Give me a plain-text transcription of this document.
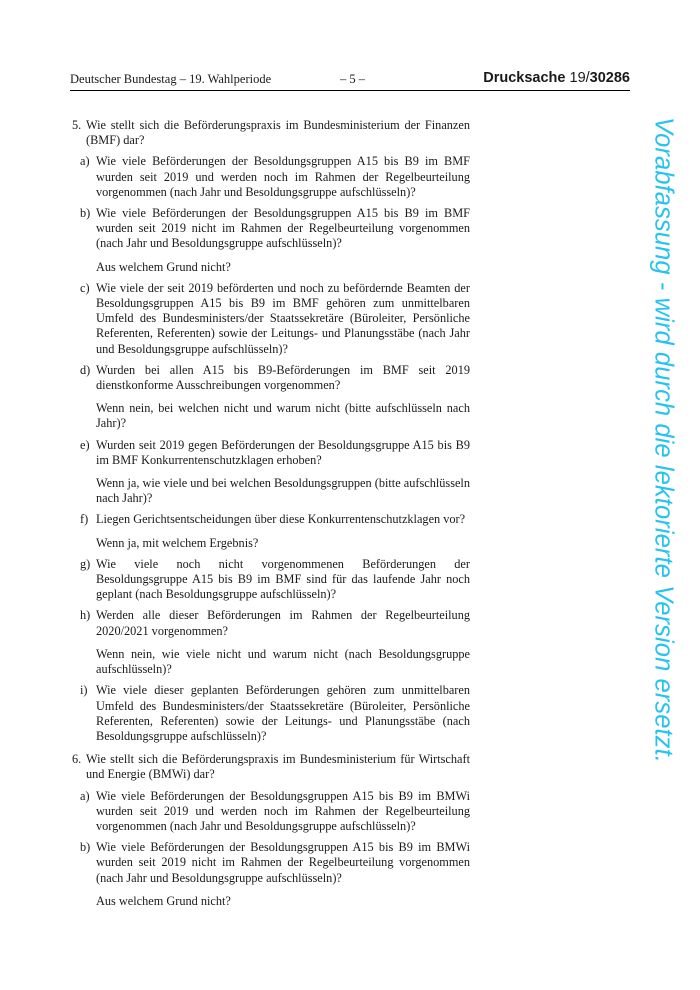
Deutscher Bundestag – 19. Wahlperiode	– 5 –	Drucksache 19/30286
5. Wie stellt sich die Beförderungspraxis im Bundesministerium der Finanzen (BMF) dar?
a) Wie viele Beförderungen der Besoldungsgruppen A15 bis B9 im BMF wurden seit 2019 und werden noch im Rahmen der Regelbeurteilung vorgenommen (nach Jahr und Besoldungsgruppe aufschlüsseln)?
b) Wie viele Beförderungen der Besoldungsgruppen A15 bis B9 im BMF wurden seit 2019 nicht im Rahmen der Regelbeurteilung vorgenommen (nach Jahr und Besoldungsgruppe aufschlüsseln)?
Aus welchem Grund nicht?
c) Wie viele der seit 2019 beförderten und noch zu befördernde Beamten der Besoldungsgruppen A15 bis B9 im BMF gehören zum unmittelbaren Umfeld des Bundesministers/der Staatssekretäre (Büroleiter, Persönliche Referenten, Referenten) sowie der Leitungs- und Planungsstäbe (nach Jahr und Besoldungsgruppe aufschlüsseln)?
d) Wurden bei allen A15 bis B9-Beförderungen im BMF seit 2019 dienstkonforme Ausschreibungen vorgenommen?
Wenn nein, bei welchen nicht und warum nicht (bitte aufschlüsseln nach Jahr)?
e) Wurden seit 2019 gegen Beförderungen der Besoldungsgruppe A15 bis B9 im BMF Konkurrentenschutzklagen erhoben?
Wenn ja, wie viele und bei welchen Besoldungsgruppen (bitte aufschlüsseln nach Jahr)?
f) Liegen Gerichtsentscheidungen über diese Konkurrentenschutzklagen vor?
Wenn ja, mit welchem Ergebnis?
g) Wie viele noch nicht vorgenommenen Beförderungen der Besoldungsgruppe A15 bis B9 im BMF sind für das laufende Jahr noch geplant (nach Besoldungsgruppe aufschlüsseln)?
h) Werden alle dieser Beförderungen im Rahmen der Regelbeurteilung 2020/2021 vorgenommen?
Wenn nein, wie viele nicht und warum nicht (nach Besoldungsgruppe aufschlüsseln)?
i) Wie viele dieser geplanten Beförderungen gehören zum unmittelbaren Umfeld des Bundesministers/der Staatssekretäre (Büroleiter, Persönliche Referenten, Referenten) sowie der Leitungs- und Planungsstäbe (nach Besoldungsgruppe aufschlüsseln)?
6. Wie stellt sich die Beförderungspraxis im Bundesministerium für Wirtschaft und Energie (BMWi) dar?
a) Wie viele Beförderungen der Besoldungsgruppen A15 bis B9 im BMWi wurden seit 2019 und werden noch im Rahmen der Regelbeurteilung vorgenommen (nach Jahr und Besoldungsgruppe aufschlüsseln)?
b) Wie viele Beförderungen der Besoldungsgruppen A15 bis B9 im BMWi wurden seit 2019 nicht im Rahmen der Regelbeurteilung vorgenommen (nach Jahr und Besoldungsgruppe aufschlüsseln)?
Aus welchem Grund nicht?
Vorabfassung - wird durch die lektorierte Version ersetzt.
